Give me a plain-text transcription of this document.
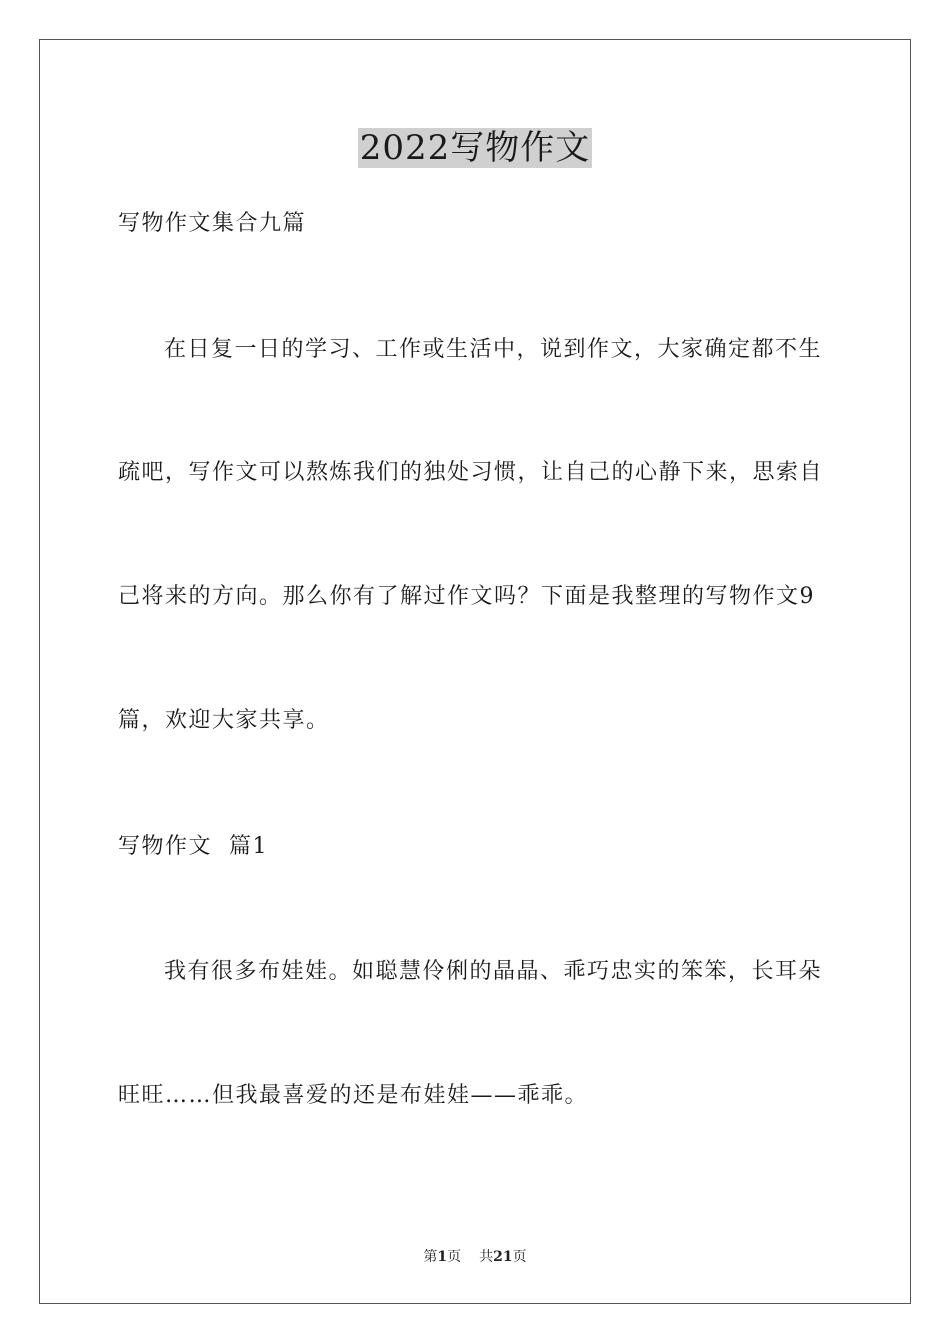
2022写物作文

写物作文集合九篇

在日复一日的学习、工作或生活中，说到作文，大家确定都不生

疏吧，写作文可以熬炼我们的独处习惯，让自己的心静下来，思索自

己将来的方向。那么你有了解过作文吗？下面是我整理的写物作文9

篇，欢迎大家共享。

写物作文  篇1

我有很多布娃娃。如聪慧伶俐的晶晶、乖巧忠实的笨笨，长耳朵

旺旺……但我最喜爱的还是布娃娃——乖乖。

第1页 共21页
